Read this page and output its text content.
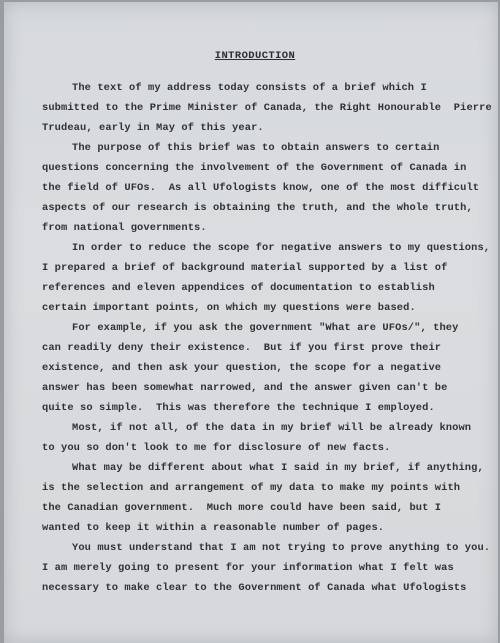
INTRODUCTION

The text of my address today consists of a brief which I
submitted to the Prime Minister of Canada, the Right Honourable  Pierre
Trudeau, early in May of this year.

The purpose of this brief was to obtain answers to certain
questions concerning the involvement of the Government of Canada in
the field of UFOs.  As all Ufologists know, one of the most difficult
aspects of our research is obtaining the truth, and the whole truth,
from national governments.

In order to reduce the scope for negative answers to my questions,
I prepared a brief of background material supported by a list of
references and eleven appendices of documentation to establish
certain important points, on which my questions were based.

For example, if you ask the government "What are UFOs/", they
can readily deny their existence.  But if you first prove their
existence, and then ask your question, the scope for a negative
answer has been somewhat narrowed, and the answer given can't be
quite so simple.  This was therefore the technique I employed.

Most, if not all, of the data in my brief will be already known
to you so don't look to me for disclosure of new facts.

What may be different about what I said in my brief, if anything,
is the selection and arrangement of my data to make my points with
the Canadian government.  Much more could have been said, but I
wanted to keep it within a reasonable number of pages.

You must understand that I am not trying to prove anything to you.
I am merely going to present for your information what I felt was
necessary to make clear to the Government of Canada what Ufologists
